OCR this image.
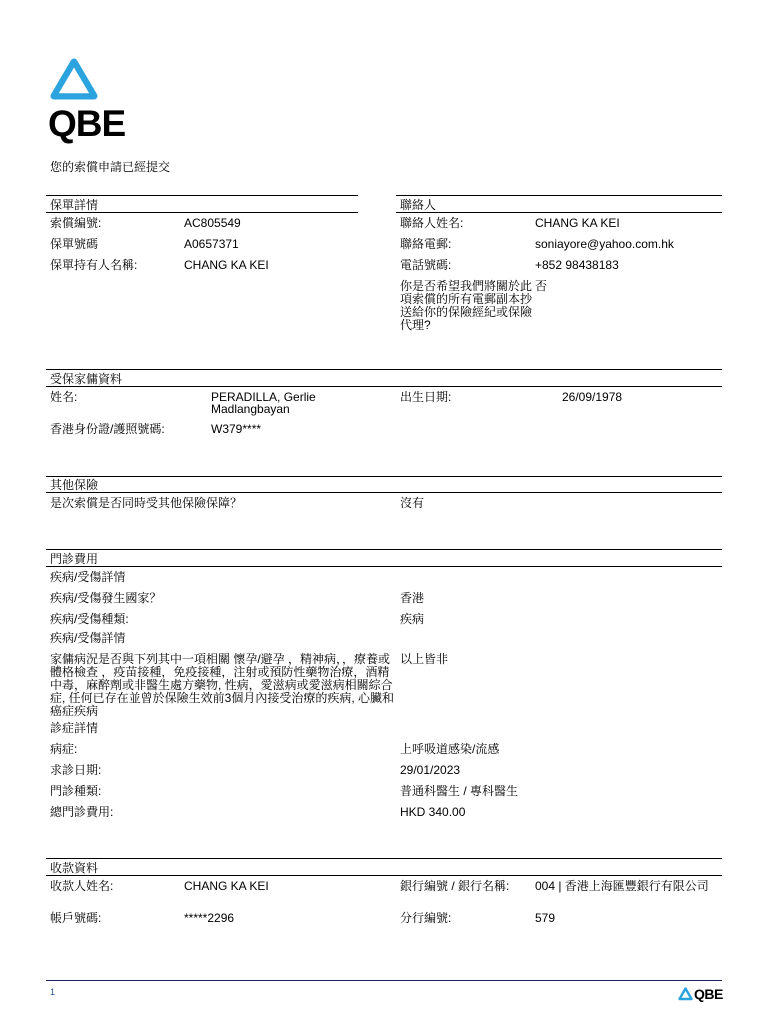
QBE
您的索償申請已經提交
保單詳情	聯絡人
索償編號:	AC805549
保單號碼	A0657371
保單持有人名稱:	CHANG KA KEI
聯絡人姓名:	CHANG KA KEI
聯絡電郵:	soniayore@yahoo.com.hk
電話號碼:	+852 98438183
你是否希望我們將關於此項索償的所有電郵副本抄送給你的保險經紀或保險代理?
否
受保家傭資料
姓名:	PERADILLA, Gerlie Madlangbayan
出生日期:	26/09/1978
香港身份證/護照號碼:	W379****
其他保險
是次索償是否同時受其他保險保障？	沒有
門診費用
疾病/受傷詳情
疾病/受傷發生國家？	香港
疾病/受傷種類:	疾病
疾病/受傷詳情
家傭病況是否與下列其中一項相關 懷孕/避孕 ，精神病，，療養或體格檢查 ，疫苗接種，免疫接種，注射或預防性藥物治療，酒精中毒，麻醉劑或非醫生處方藥物, 性病，愛滋病或愛滋病相關綜合症, 任何已存在並曾於保險生效前3個月內接受治療的疾病, 心臟和癌症疾病
以上皆非
診症詳情
病症:	上呼吸道感染/流感
求診日期:	29/01/2023
門診種類:	普通科醫生 / 專科醫生
總門診費用:	HKD 340.00
收款資料
收款人姓名:	CHANG KA KEI	銀行編號 / 銀行名稱: 004 | 香港上海匯豐銀行有限公司
帳戶號碼:	*****2296	分行編號:	579
1	QBE
